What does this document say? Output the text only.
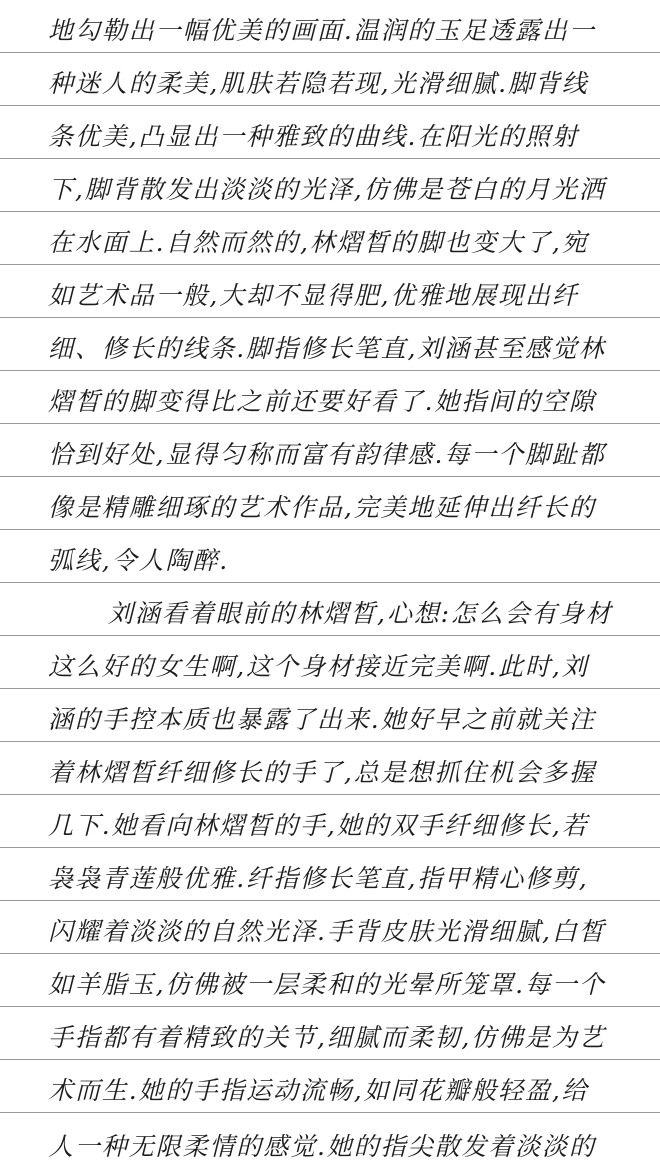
地勾勒出一幅优美的画面.温润的玉足透露出一
种迷人的柔美,肌肤若隐若现,光滑细腻.脚背线
条优美,凸显出一种雅致的曲线.在阳光的照射
下,脚背散发出淡淡的光泽,仿佛是苍白的月光洒
在水面上.自然而然的,林熠晳的脚也变大了,宛
如艺术品一般,大却不显得肥,优雅地展现出纤
细、修长的线条.脚指修长笔直,刘涵甚至感觉林
熠晳的脚变得比之前还要好看了.她指间的空隙
恰到好处,显得匀称而富有韵律感.每一个脚趾都
像是精雕细琢的艺术作品,完美地延伸出纤长的
弧线,令人陶醉.
刘涵看着眼前的林熠晳,心想:怎么会有身材
这么好的女生啊,这个身材接近完美啊.此时,刘
涵的手控本质也暴露了出来.她好早之前就关注
着林熠晳纤细修长的手了,总是想抓住机会多握
几下.她看向林熠晳的手,她的双手纤细修长,若
袅袅青莲般优雅.纤指修长笔直,指甲精心修剪,
闪耀着淡淡的自然光泽.手背皮肤光滑细腻,白皙
如羊脂玉,仿佛被一层柔和的光晕所笼罩.每一个
手指都有着精致的关节,细腻而柔韧,仿佛是为艺
术而生.她的手指运动流畅,如同花瓣般轻盈,给
人一种无限柔情的感觉.她的指尖散发着淡淡的
